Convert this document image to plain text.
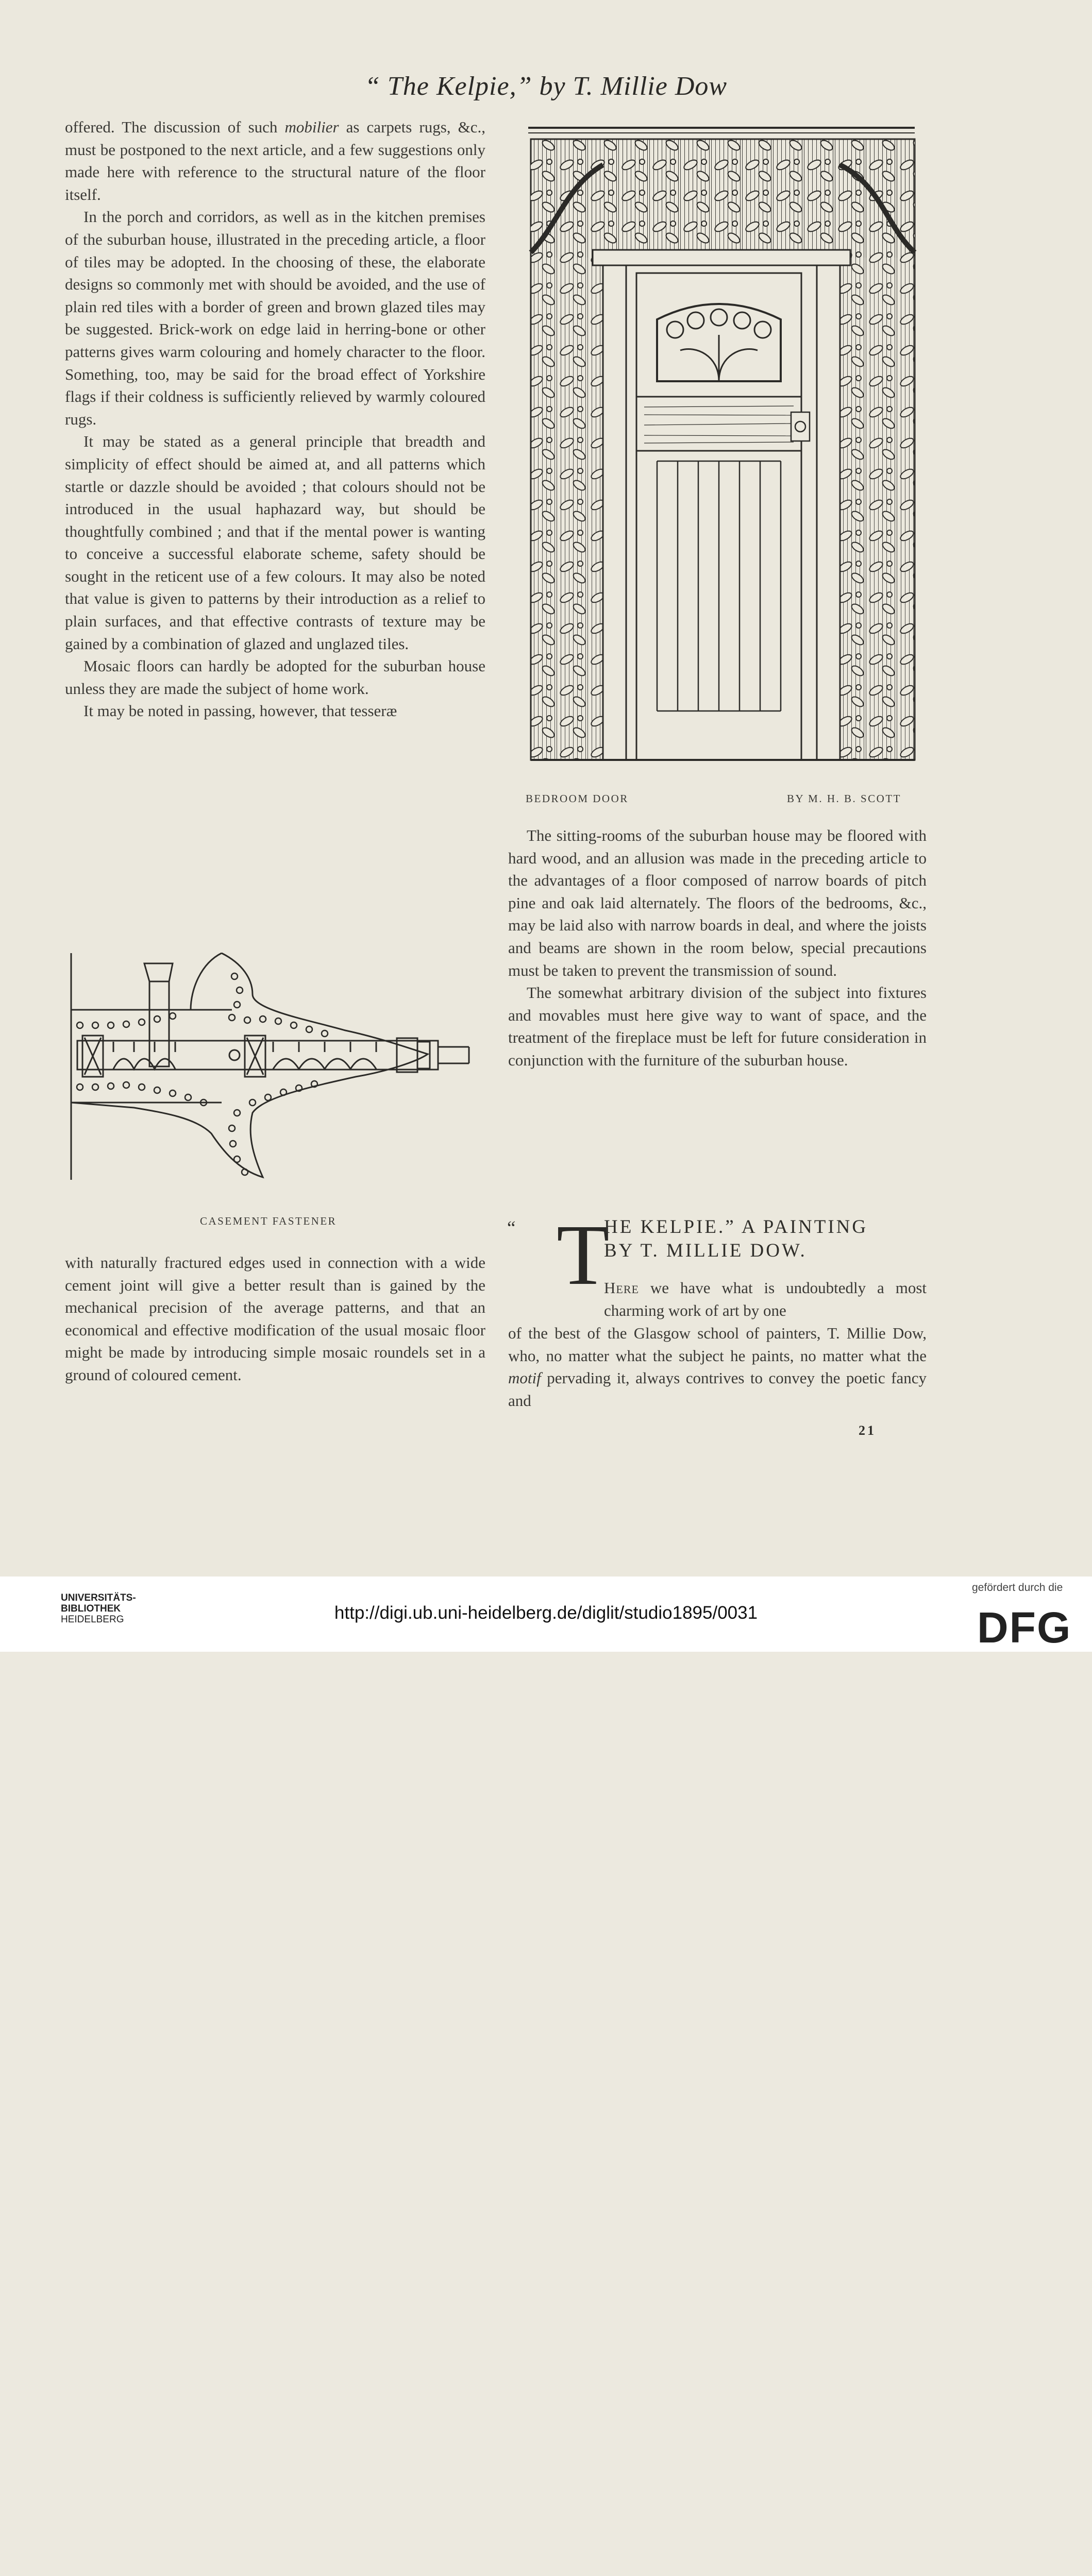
“ The Kelpie,” by T. Millie Dow

offered. The discussion of such mobilier as carpets rugs, &c., must be postponed to the next article, and a few suggestions only made here with reference to the structural nature of the floor itself.

In the porch and corridors, as well as in the kitchen premises of the suburban house, illustrated in the preceding article, a floor of tiles may be adopted. In the choosing of these, the elaborate designs so commonly met with should be avoided, and the use of plain red tiles with a border of green and brown glazed tiles may be suggested. Brick-work on edge laid in herring-bone or other patterns gives warm colouring and homely character to the floor. Something, too, may be said for the broad effect of Yorkshire flags if their coldness is sufficiently relieved by warmly coloured rugs.

It may be stated as a general principle that breadth and simplicity of effect should be aimed at, and all patterns which startle or dazzle should be avoided ; that colours should not be introduced in the usual haphazard way, but should be thoughtfully combined ; and that if the mental power is wanting to conceive a successful elaborate scheme, safety should be sought in the reticent use of a few colours. It may also be noted that value is given to patterns by their introduction as a relief to plain surfaces, and that effective contrasts of texture may be gained by a combination of glazed and unglazed tiles.

Mosaic floors can hardly be adopted for the suburban house unless they are made the subject of home work.

It may be noted in passing, however, that tesseræ

CASEMENT FASTENER

with naturally fractured edges used in connection with a wide cement joint will give a better result than is gained by the mechanical precision of the average patterns, and that an economical and effective modification of the usual mosaic floor might be made by introducing simple mosaic roundels set in a ground of coloured cement.

BEDROOM DOOR	BY M. H. B. SCOTT

The sitting-rooms of the suburban house may be floored with hard wood, and an allusion was made in the preceding article to the advantages of a floor composed of narrow boards of pitch pine and oak laid alternately. The floors of the bedrooms, &c., may be laid also with narrow boards in deal, and where the joists and beams are shown in the room below, special precautions must be taken to prevent the transmission of sound.

The somewhat arbitrary division of the subject into fixtures and movables must here give way to want of space, and the treatment of the fireplace must be left for future consideration in conjunction with the furniture of the suburban house.

“ T
HE KELPIE.” A PAINTING
BY T. MILLIE DOW.

Here we have what is undoubtedly a most charming work of art by one

of the best of the Glasgow school of painters, T. Millie Dow, who, no matter what the subject he paints, no matter what the motif pervading it, always contrives to convey the poetic fancy and

21
UNIVERSITÄTS-
BIBLIOTHEK
HEIDELBERG	http://digi.ub.uni-heidelberg.de/diglit/studio1895/0031
gefördert durch die
DFG
